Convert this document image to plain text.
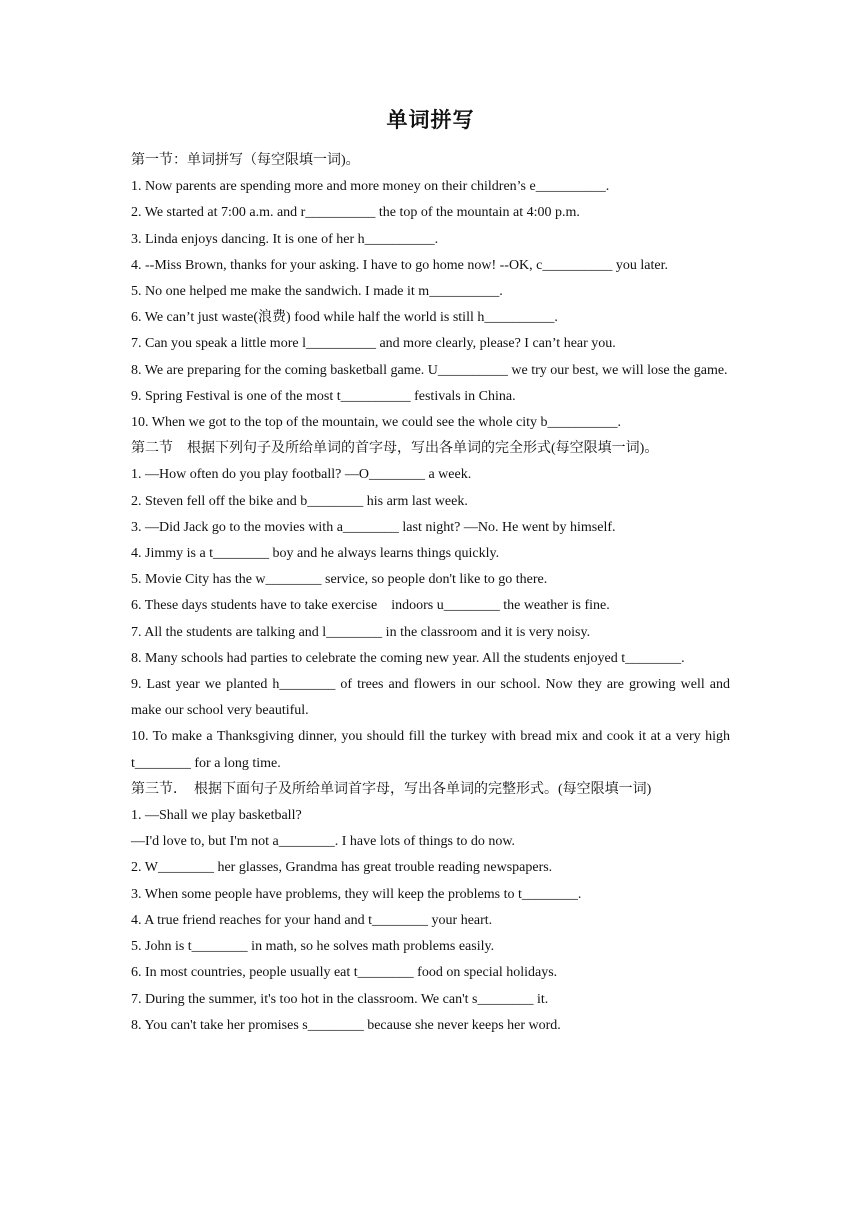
单词拼写
第一节：单词拼写（每空限填一词)。
1. Now parents are spending more and more money on their children’s e__________.
2. We started at 7:00 a.m. and r__________ the top of the mountain at 4:00 p.m.
3. Linda enjoys dancing. It is one of her h__________.
4. --Miss Brown, thanks for your asking. I have to go home now! --OK, c__________ you later.
5. No one helped me make the sandwich. I made it m__________.
6. We can’t just waste(浪费) food while half the world is still h__________.
7. Can you speak a little more l__________ and more clearly, please? I can’t hear you.
8. We are preparing for the coming basketball game. U__________ we try our best, we will lose the game.
9. Spring Festival is one of the most t__________ festivals in China.
10. When we got to the top of the mountain, we could see the whole city b__________.
第二节　根据下列句子及所给单词的首字母，写出各单词的完全形式(每空限填一词)。
1. —How often do you play football? —O________ a week.
2. Steven fell off the bike and b________ his arm last week.
3. —Did Jack go to the movies with a________ last night? —No. He went by himself.
4. Jimmy is a t________ boy and he always learns things quickly.
5. Movie City has the w________ service, so people don't like to go there.
6. These days students have to take exercise　indoors u________ the weather is fine.
7. All the students are talking and l________ in the classroom and it is very noisy.
8. Many schools had parties to celebrate the coming new year. All the students enjoyed t________.
9. Last year we planted h________ of trees and flowers in our school. Now they are growing well and make our school very beautiful.
10. To make a Thanksgiving dinner, you should fill the turkey with bread mix and cook it at a very high t________ for a long time.
第三节．　根据下面句子及所给单词首字母，写出各单词的完整形式。(每空限填一词)
1. —Shall we play basketball?
—I'd love to, but I'm not a________. I have lots of things to do now.
2. W________ her glasses, Grandma has great trouble reading newspapers.
3. When some people have problems, they will keep the problems to t________.
4. A true friend reaches for your hand and t________ your heart.
5. John is t________ in math, so he solves math problems easily.
6. In most countries, people usually eat t________ food on special holidays.
7. During the summer, it's too hot in the classroom. We can't s________ it.
8. You can't take her promises s________ because she never keeps her word.
